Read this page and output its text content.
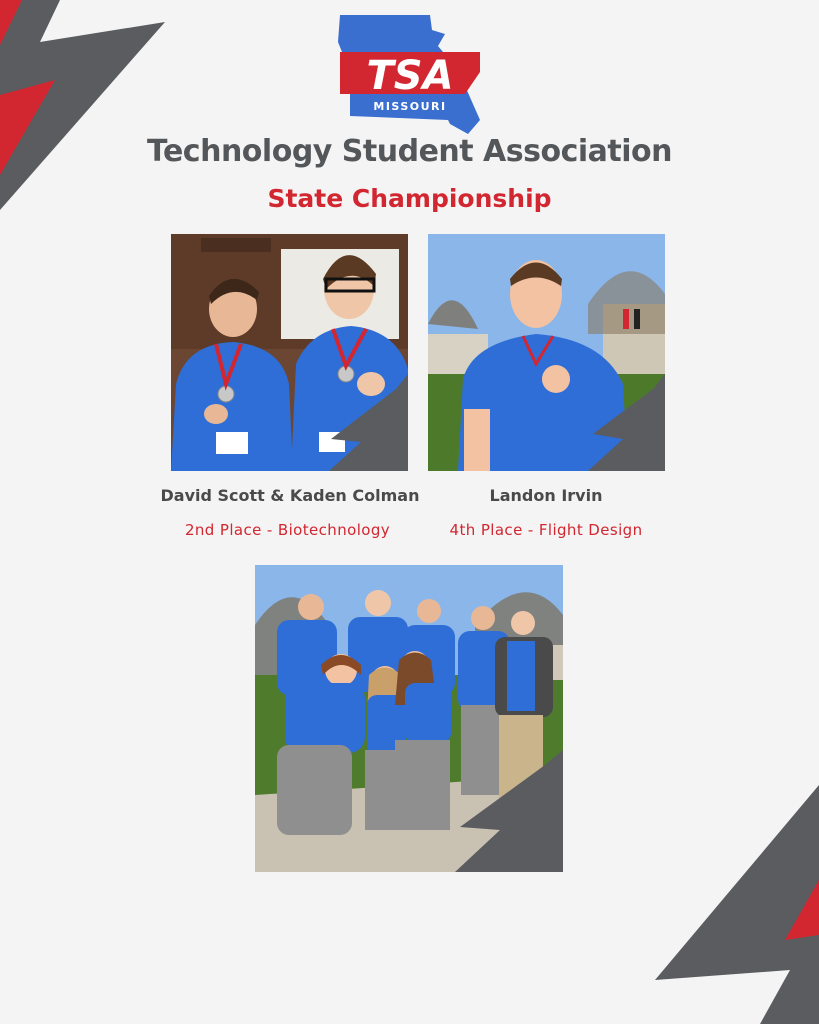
TSA
MISSOURI
Technology Student Association
State Championship
David Scott & Kaden Colman
2nd Place - Biotechnology
Landon Irvin
4th Place - Flight Design
